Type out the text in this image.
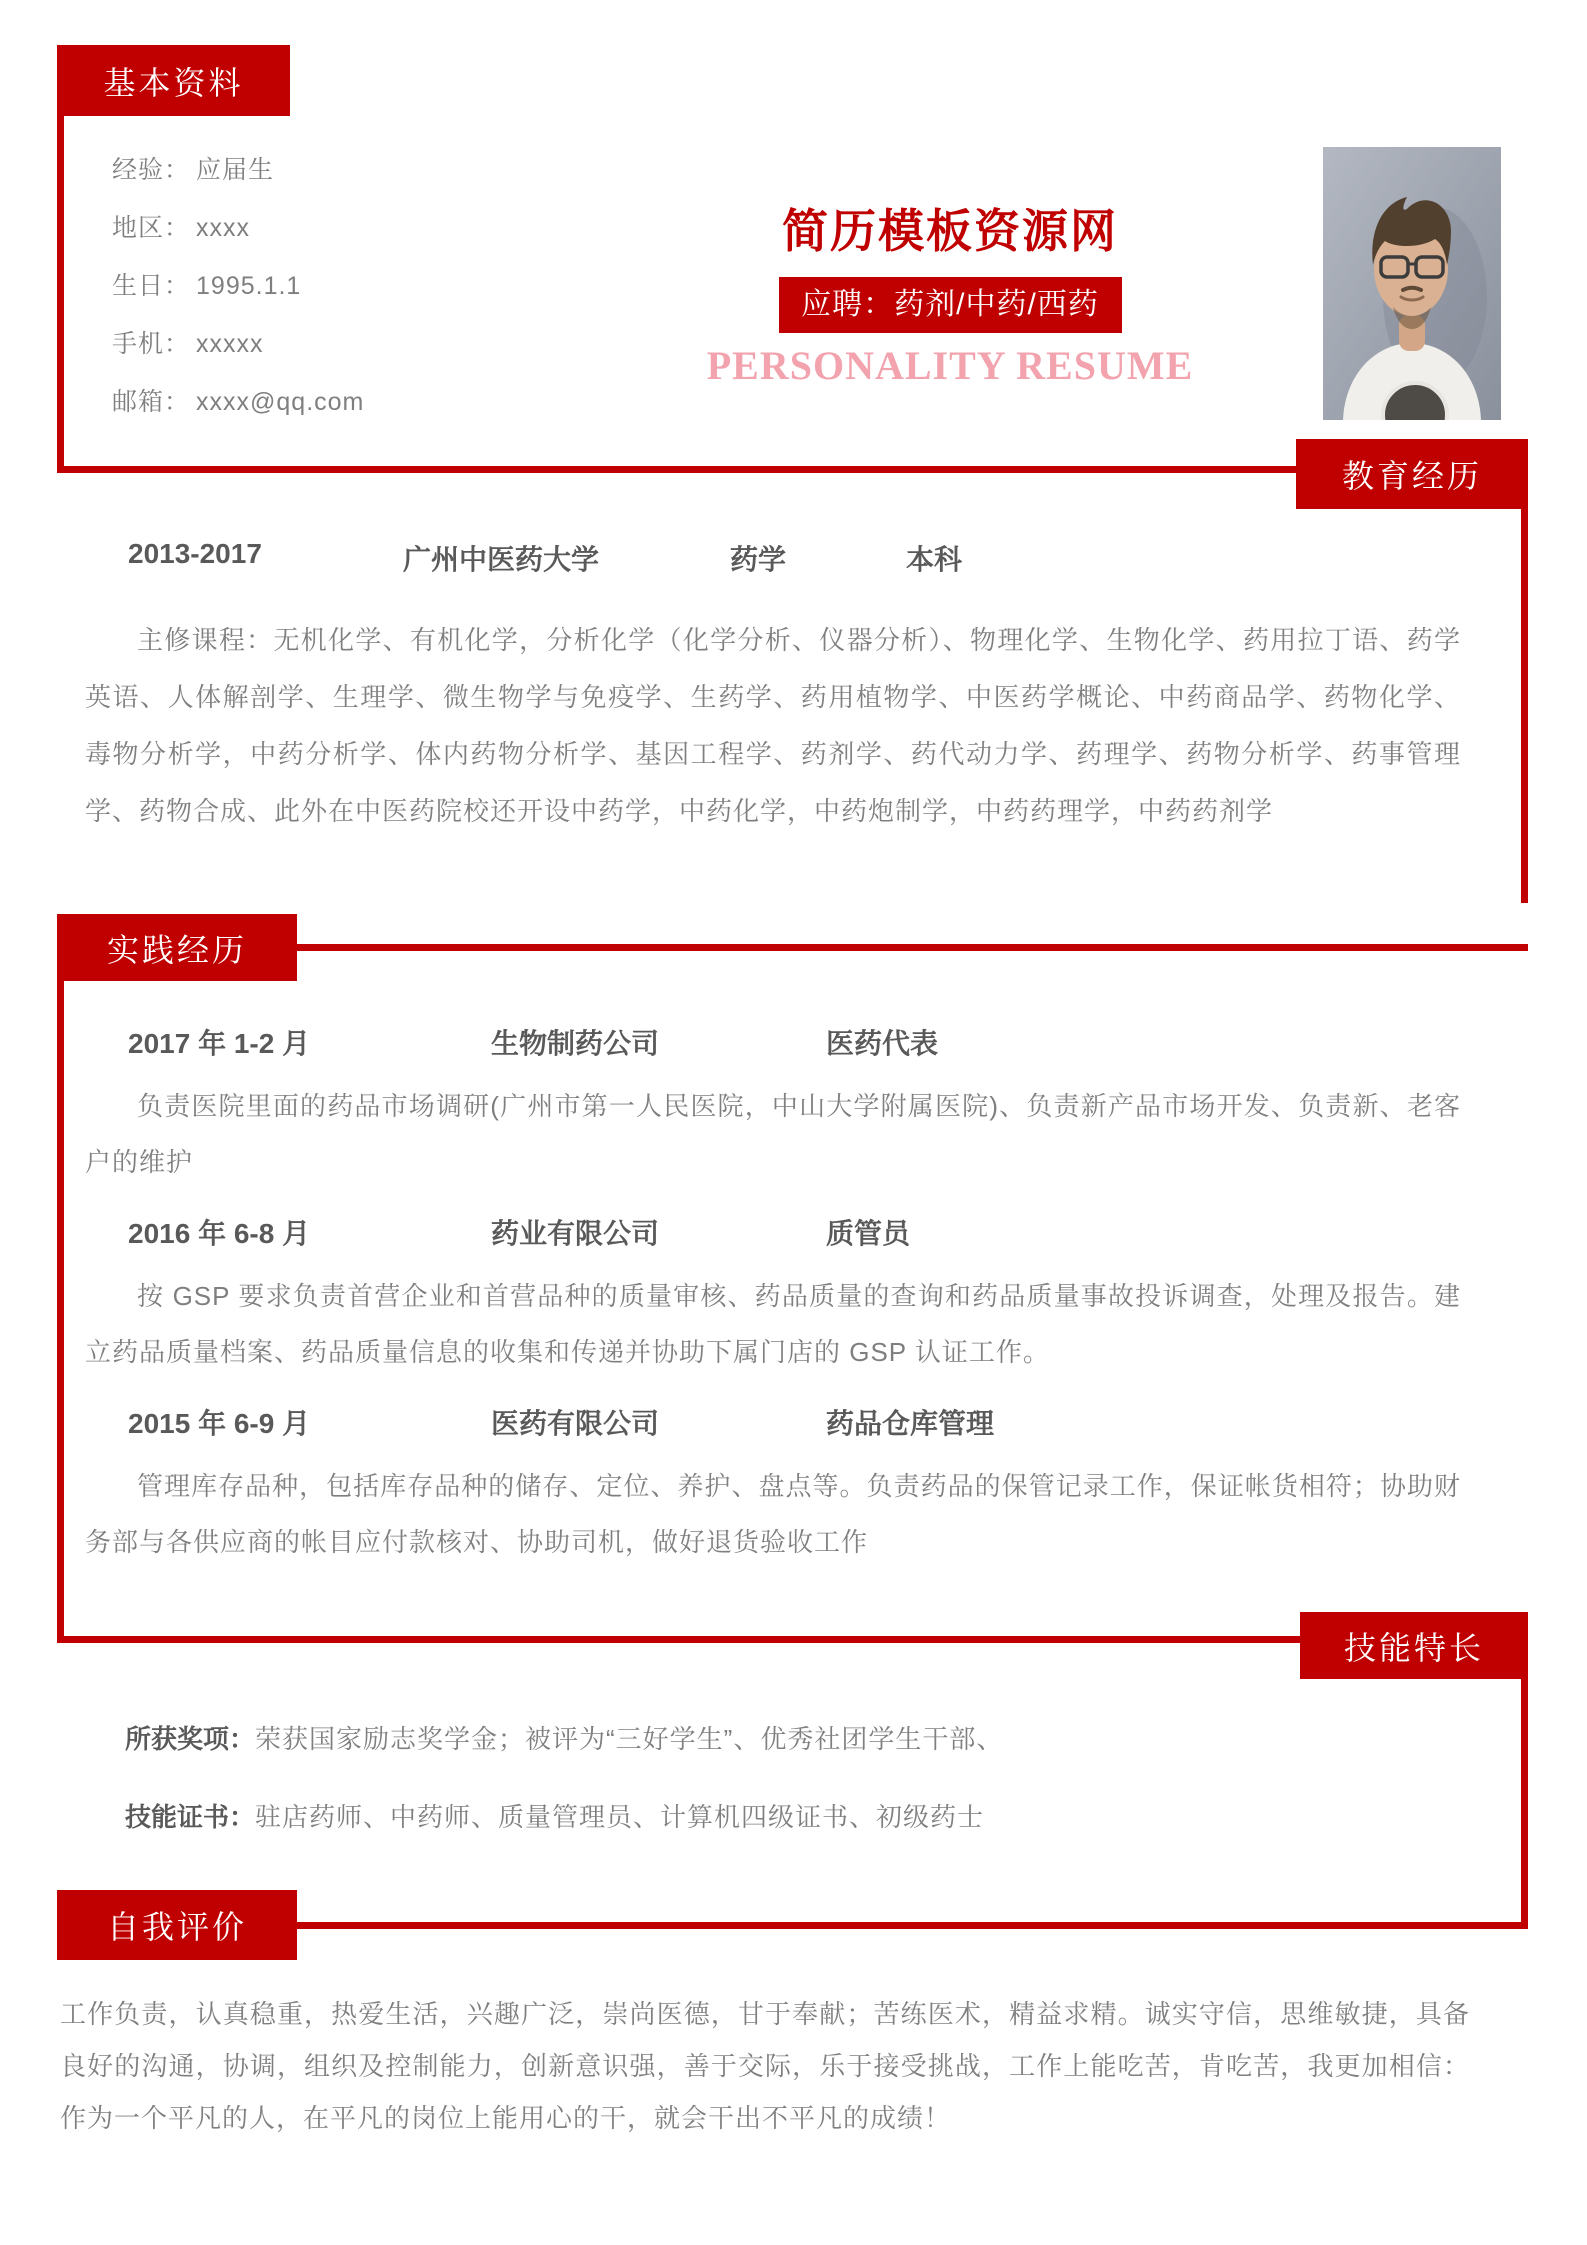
基本资料
教育经历
实践经历
技能特长
自我评价
经验： 应届生
地区： xxxx
生日： 1995.1.1
手机： xxxxx
邮箱： xxxx@qq.com
简历模板资源网
应聘：药剂/中药/西药
PERSONALITY RESUME
2013-2017	广州中医药大学	药学	本科

主修课程：无机化学、有机化学，分析化学（化学分析、仪器分析）、物理化学、生物化学、药用拉丁语、药学英语、人体解剖学、生理学、微生物学与免疫学、生药学、药用植物学、中医药学概论、中药商品学、药物化学、毒物分析学，中药分析学、体内药物分析学、基因工程学、药剂学、药代动力学、药理学、药物分析学、药事管理学、药物合成、此外在中医药院校还开设中药学，中药化学，中药炮制学，中药药理学，中药药剂学

2017 年 1-2 月	生物制药公司	医药代表

负责医院里面的药品市场调研(广州市第一人民医院，中山大学附属医院)、负责新产品市场开发、负责新、老客户的维护

2016 年 6-8 月	药业有限公司	质管员

按 GSP 要求负责首营企业和首营品种的质量审核、药品质量的查询和药品质量事故投诉调查，处理及报告。建立药品质量档案、药品质量信息的收集和传递并协助下属门店的 GSP 认证工作。

2015 年 6-9 月	医药有限公司	药品仓库管理

管理库存品种，包括库存品种的储存、定位、养护、盘点等。负责药品的保管记录工作，保证帐货相符；协助财务部与各供应商的帐目应付款核对、协助司机，做好退货验收工作

所获奖项：荣获国家励志奖学金；被评为“三好学生”、优秀社团学生干部、

技能证书：驻店药师、中药师、质量管理员、计算机四级证书、初级药士

工作负责，认真稳重，热爱生活，兴趣广泛，崇尚医德，甘于奉献；苦练医术，精益求精。诚实守信，思维敏捷，具备良好的沟通，协调，组织及控制能力，创新意识强，善于交际，乐于接受挑战，工作上能吃苦，肯吃苦，我更加相信：作为一个平凡的人，在平凡的岗位上能用心的干，就会干出不平凡的成绩！
